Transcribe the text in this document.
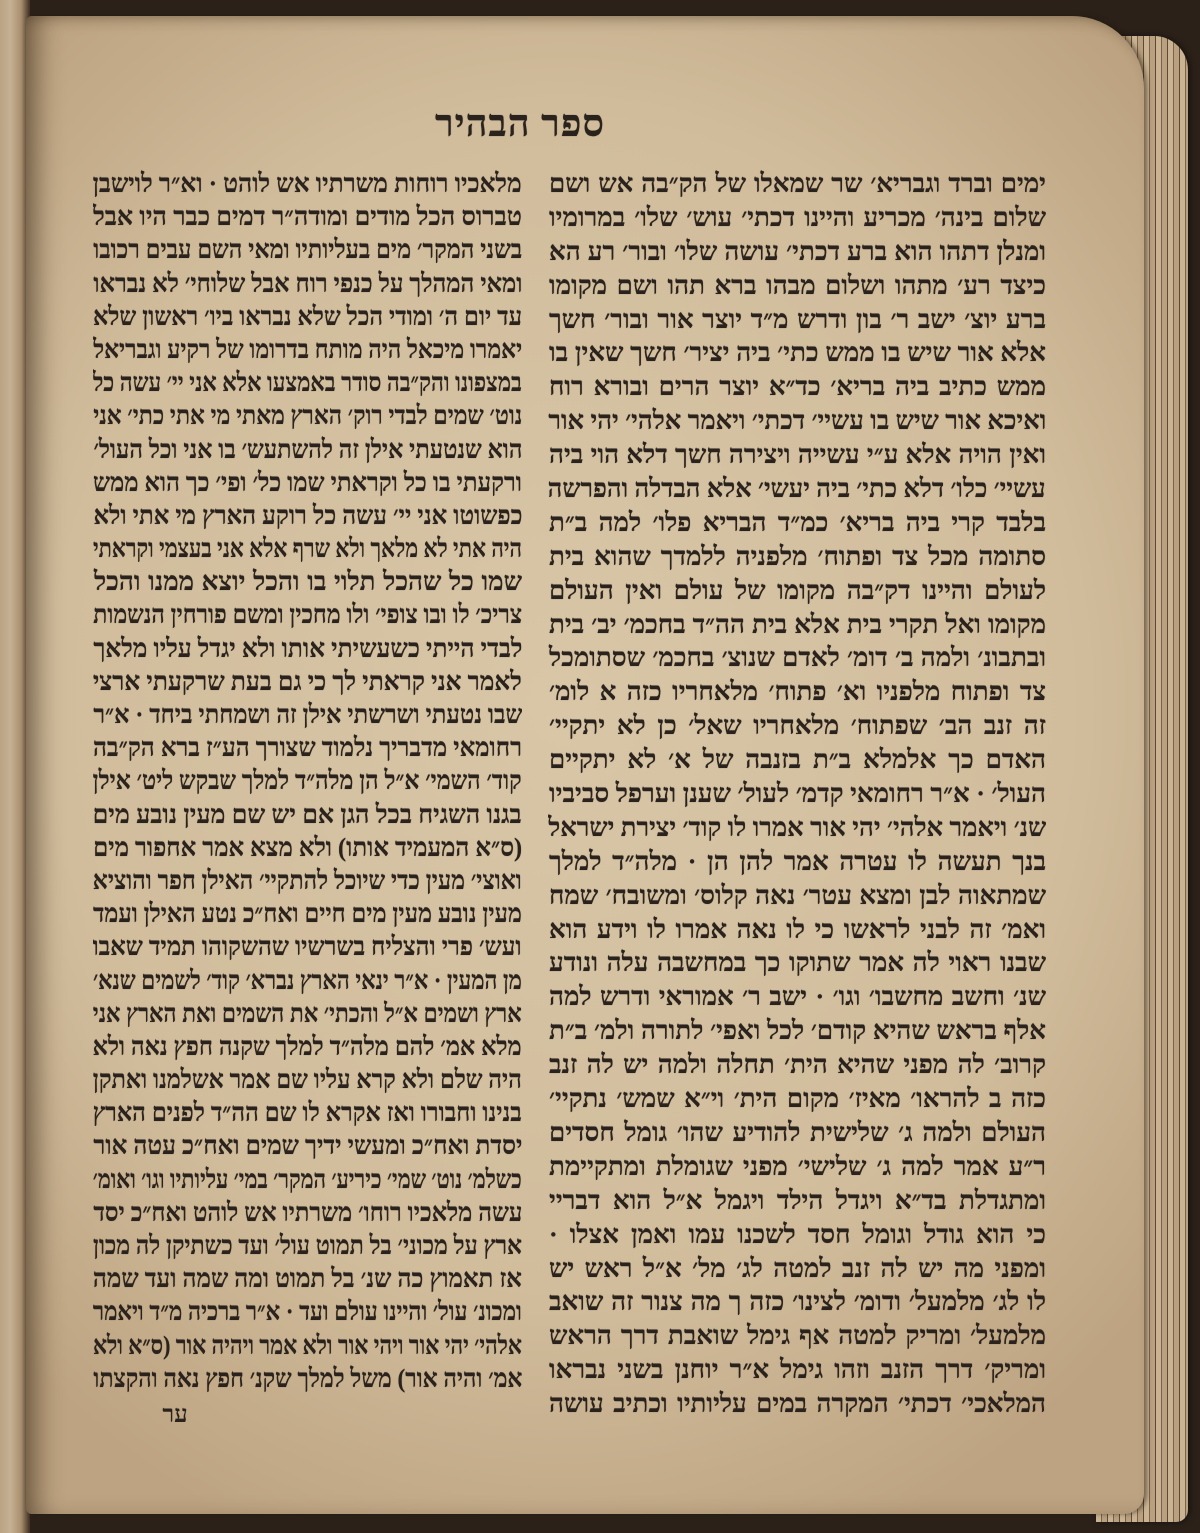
ספר הבהיר
ימים וברד וגבריא׳ שר שמאלו של הק״בה אש ושם
שלום בינה׳ מכריע והיינו דכתי׳ עוש׳ שלו׳ במרומיו
ומנלן דתהו הוא ברע דכתי׳ עושה שלו׳ ובור׳ רע הא
כיצד רע׳ מתהו ושלום מבהו ברא תהו ושם מקומו
ברע יוצ׳ ישב ר׳ בון ודרש מ״ד יוצר אור ובור׳ חשך
אלא אור שיש בו ממש כתי׳ ביה יציר׳ חשך שאין בו
ממש כתיב ביה בריא׳ כד״א יוצר הרים ובורא רוח
ואיכא אור שיש בו עשיי׳ דכתי׳ ויאמר אלהי׳ יהי אור
ואין הויה אלא ע״י עשייה ויצירה חשך דלא הוי ביה
עשיי׳ כלו׳ דלא כתי׳ ביה יעשי׳ אלא הבדלה והפרשה
בלבד קרי ביה בריא׳ כמ״ד הבריא פלו׳ למה ב״ת
סתומה מכל צד ופתוח׳ מלפניה ללמדך שהוא בית
לעולם והיינו דק״בה מקומו של עולם ואין העולם
מקומו ואל תקרי בית אלא בית הה״ד בחכמ׳ יב׳ בית
ובתבונ׳ ולמה ב׳ דומ׳ לאדם שנוצ׳ בחכמ׳ שסתומכל
צד ופתוח מלפניו וא׳ פתוח׳ מלאחריו כזה א לומ׳
זה זנב הב׳ שפתוח׳ מלאחריו שאל׳ כן לא יתקיי׳
האדם כך אלמלא ב״ת בזנבה של א׳ לא יתקיים
העול׳ · א״ר רחומאי קדמ׳ לעול׳ שענן וערפל סביביו
שנ׳ ויאמר אלהי׳ יהי אור אמרו לו קוד׳ יצירת ישראל
בנך תעשה לו עטרה אמר להן הן · מלה״ד למלך
שמתאוה לבן ומצא עטר׳ נאה קלוס׳ ומשובח׳ שמח
ואמ׳ זה לבני לראשו כי לו נאה אמרו לו וידע הוא
שבנו ראוי לה אמר שתוקו כך במחשבה עלה ונודע
שנ׳ וחשב מחשבו׳ וגו׳ · ישב ר׳ אמוראי ודרש למה
אלף בראש שהיא קודם׳ לכל ואפי׳ לתורה ולמ׳ ב״ת
קרוב׳ לה מפני שהיא הית׳ תחלה ולמה יש לה זנב
כזה ב להראו׳ מאיז׳ מקום הית׳ וי״א שמש׳ נתקיי׳
העולם ולמה ג׳ שלישית להודיע שהו׳ גומל חסדים
ר״ע אמר למה ג׳ שלישי׳ מפני שגומלת ומתקיימת
ומתגדלת בד״א ויגדל הילד ויגמל א״ל הוא דבריי
כי הוא גודל וגומל חסד לשכנו עמו ואמן אצלו ·
ומפני מה יש לה זנב למטה לג׳ מל׳ א״ל ראש יש
לו לג׳ מלמעל׳ ודומ׳ לצינו׳ כזה ך מה צנור זה שואב
מלמעל׳ ומריק למטה אף גימל שואבת דרך הראש
ומריק׳ דרך הזנב וזהו גימל א״ר יוחנן בשני נבראו
המלאכי׳ דכתי׳ המקרה במים עליותיו וכתיב עושה
מלאכיו רוחות משרתיו אש לוהט · וא״ר לוישבן
טברוס הכל מודים ומודה״ר דמים כבר היו אבל
בשני המקר׳ מים בעליותיו ומאי השם עבים רכובו
ומאי המהלך על כנפי רוח אבל שלוחי׳ לא נבראו
עד יום ה׳ ומודי הכל שלא נבראו ביו׳ ראשון שלא
יאמרו מיכאל היה מותח בדרומו של רקיע וגבריאל
במצפונו והק״בה סודר באמצעו אלא אני יי׳ עשה כל
נוט׳ שמים לבדי רוק׳ הארץ מאתי מי אתי כתי׳ אני
הוא שנטעתי אילן זה להשתעש׳ בו אני וכל העול׳
ורקעתי בו כל וקראתי שמו כל׳ ופי׳ כך הוא ממש
כפשוטו אני יי׳ עשה כל רוקע הארץ מי אתי ולא
היה אתי לא מלאך ולא שרף אלא אני בעצמי וקראתי
שמו כל שהכל תלוי בו והכל יוצא ממנו והכל
צריכ׳ לו ובו צופי׳ ולו מחכין ומשם פורחין הנשמות
לבדי הייתי כשעשיתי אותו ולא יגדל עליו מלאך
לאמר אני קראתי לך כי גם בעת שרקעתי ארצי
שבו נטעתי ושרשתי אילן זה ושמחתי ביחד · א״ר
רחומאי מדבריך נלמוד שצורך הע״ז ברא הק״בה
קוד׳ השמי׳ א״ל הן מלה״ד למלך שבקש ליט׳ אילן
בגנו השגיח בכל הגן אם יש שם מעין נובע מים
(ס״א המעמיד אותו) ולא מצא אמר אחפור מים
ואוצי׳ מעין כדי שיוכל להתקיי׳ האילן חפר והוציא
מעין נובע מעין מים חיים ואח״כ נטע האילן ועמד
ועש׳ פרי והצליח בשרשיו שהשקוהו תמיד שאבו
מן המעין · א״ר ינאי הארץ נברא׳ קוד׳ לשמים שנא׳
ארץ ושמים א״ל והכתי׳ את השמים ואת הארץ אני
מלא אמ׳ להם מלה״ד למלך שקנה חפץ נאה ולא
היה שלם ולא קרא עליו שם אמר אשלמנו ואתקן
בנינו וחבורו ואז אקרא לו שם הה״ד לפנים הארץ
יסדת ואח״כ ומעשי ידיך שמים ואח״כ עטה אור
כשלמ׳ נוט׳ שמי׳ כיריע׳ המקר׳ במי׳ עליותיו וגו׳ ואומ׳
עשה מלאכיו רוחו׳ משרתיו אש לוהט ואח״כ יסד
ארץ על מכוני׳ בל תמוט עול׳ ועד כשתיקן לה מכון
אז תאמוץ כה שנ׳ בל תמוט ומה שמה ועד שמה
ומכונ׳ עול׳ והיינו עולם ועד · א״ר ברכיה מ״ד ויאמר
אלהי׳ יהי אור ויהי אור ולא אמר ויהיה אור (ס״א ולא
אמ׳ והיה אור) משל למלך שקנ׳ חפץ נאה והקצתו
ער
